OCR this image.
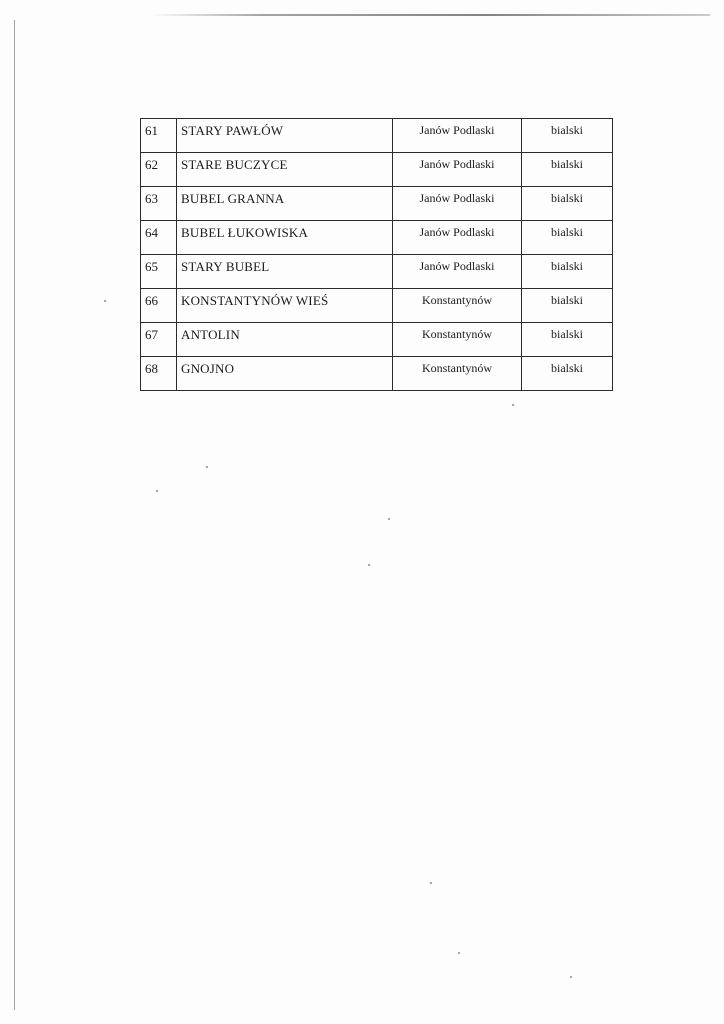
61	STARY PAWŁÓW	Janów Podlaski	bialski
62	STARE BUCZYCE	Janów Podlaski	bialski
63	BUBEL GRANNA	Janów Podlaski	bialski
64	BUBEL ŁUKOWISKA	Janów Podlaski	bialski
65	STARY BUBEL	Janów Podlaski	bialski
66	KONSTANTYNÓW WIEŚ	Konstantynów	bialski
67	ANTOLIN	Konstantynów	bialski
68	GNOJNO	Konstantynów	bialski
